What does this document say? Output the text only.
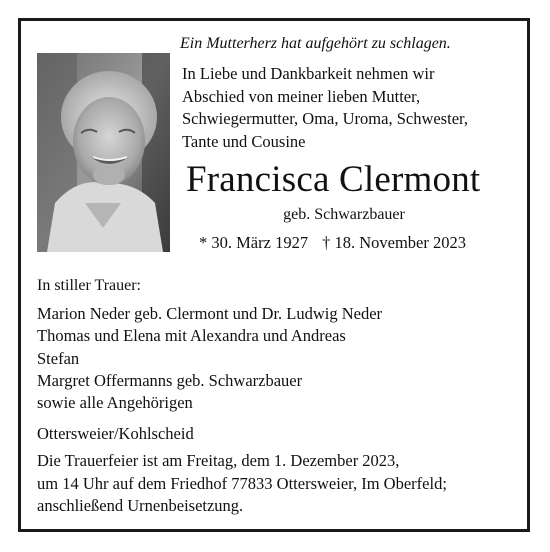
Ein Mutterherz hat aufgehört zu schlagen.
In Liebe und Dankbarkeit nehmen wir
Abschied von meiner lieben Mutter,
Schwiegermutter, Oma, Uroma, Schwester,
Tante und Cousine
Francisca Clermont
geb. Schwarzbauer
* 30. März 1927 † 18. November 2023
In stiller Trauer:
Marion Neder geb. Clermont und Dr. Ludwig Neder
Thomas und Elena mit Alexandra und Andreas
Stefan
Margret Offermanns geb. Schwarzbauer
sowie alle Angehörigen
Ottersweier/Kohlscheid
Die Trauerfeier ist am Freitag, dem 1. Dezember 2023,
um 14 Uhr auf dem Friedhof 77833 Ottersweier, Im Oberfeld;
anschließend Urnenbeisetzung.
